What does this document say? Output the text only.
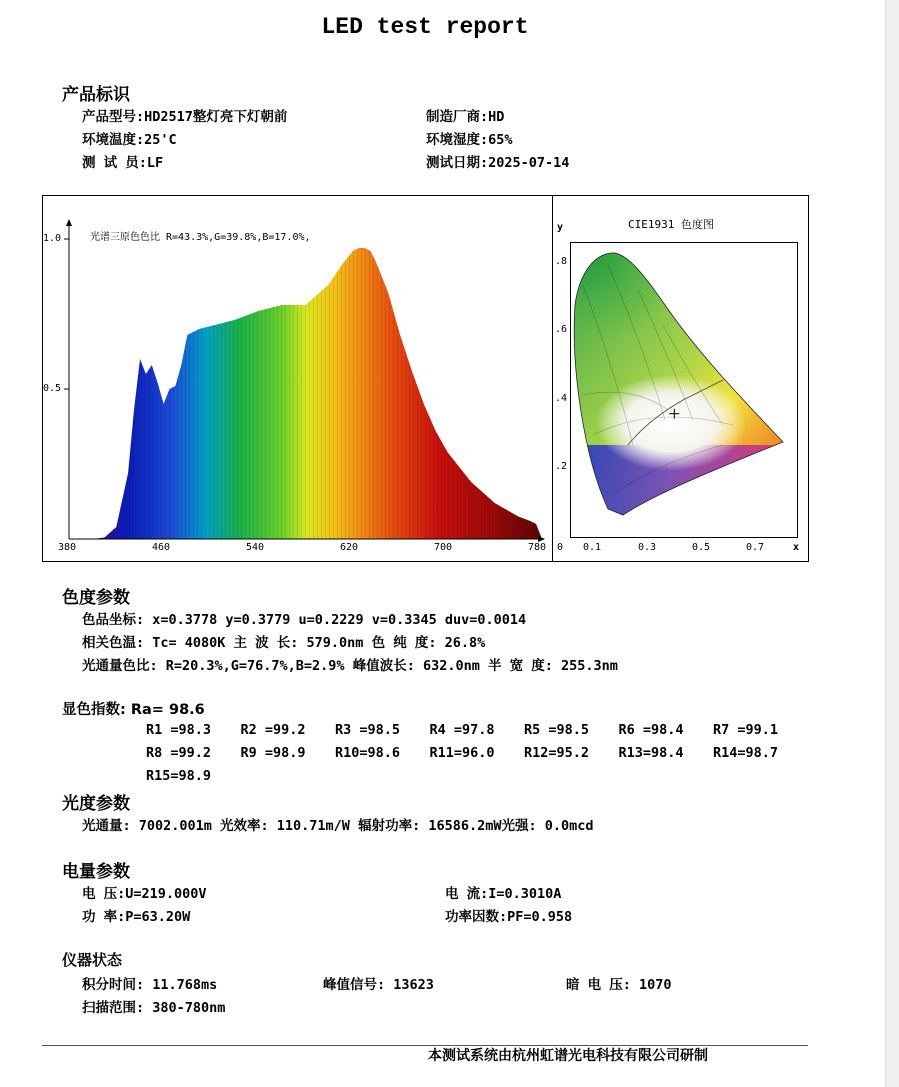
LED test report
产品标识
产品型号:HD2517整灯亮下灯朝前	制造厂商:HD
环境温度:25'C	环境湿度:65%
测 试 员:LF	测试日期:2025-07-14
1.0
0.5
光谱三原色色比 R=43.3%,G=39.8%,B=17.0%,
380	460	540	620	700	780
y	CIE1931 色度图
.8
.6
.4
.2
0 0.1	0.3	0.5	0.7	x
色度参数
色品坐标: x=0.3778 y=0.3779 u=0.2229 v=0.3345 duv=0.0014
相关色温: Tc= 4080K 主 波 长: 579.0nm 色 纯 度: 26.8%
光通量色比: R=20.3%,G=76.7%,B=2.9% 峰值波长: 632.0nm 半 宽 度: 255.3nm
显色指数: Ra= 98.6
R1 =98.3 R2 =99.2 R3 =98.5 R4 =97.8 R5 =98.5 R6 =98.4 R7 =99.1
R8 =99.2 R9 =98.9 R10=98.6 R11=96.0 R12=95.2 R13=98.4 R14=98.7
R15=98.9
光度参数
光通量: 7002.001m 光效率: 110.71m/W 辐射功率: 16586.2mW光强: 0.0mcd
电量参数
电 压:U=219.000V	电 流:I=0.3010A
功 率:P=63.20W	功率因数:PF=0.958
仪器状态
积分时间: 11.768ms	峰值信号: 13623	暗 电 压: 1070
扫描范围: 380-780nm
本测试系统由杭州虹谱光电科技有限公司研制
